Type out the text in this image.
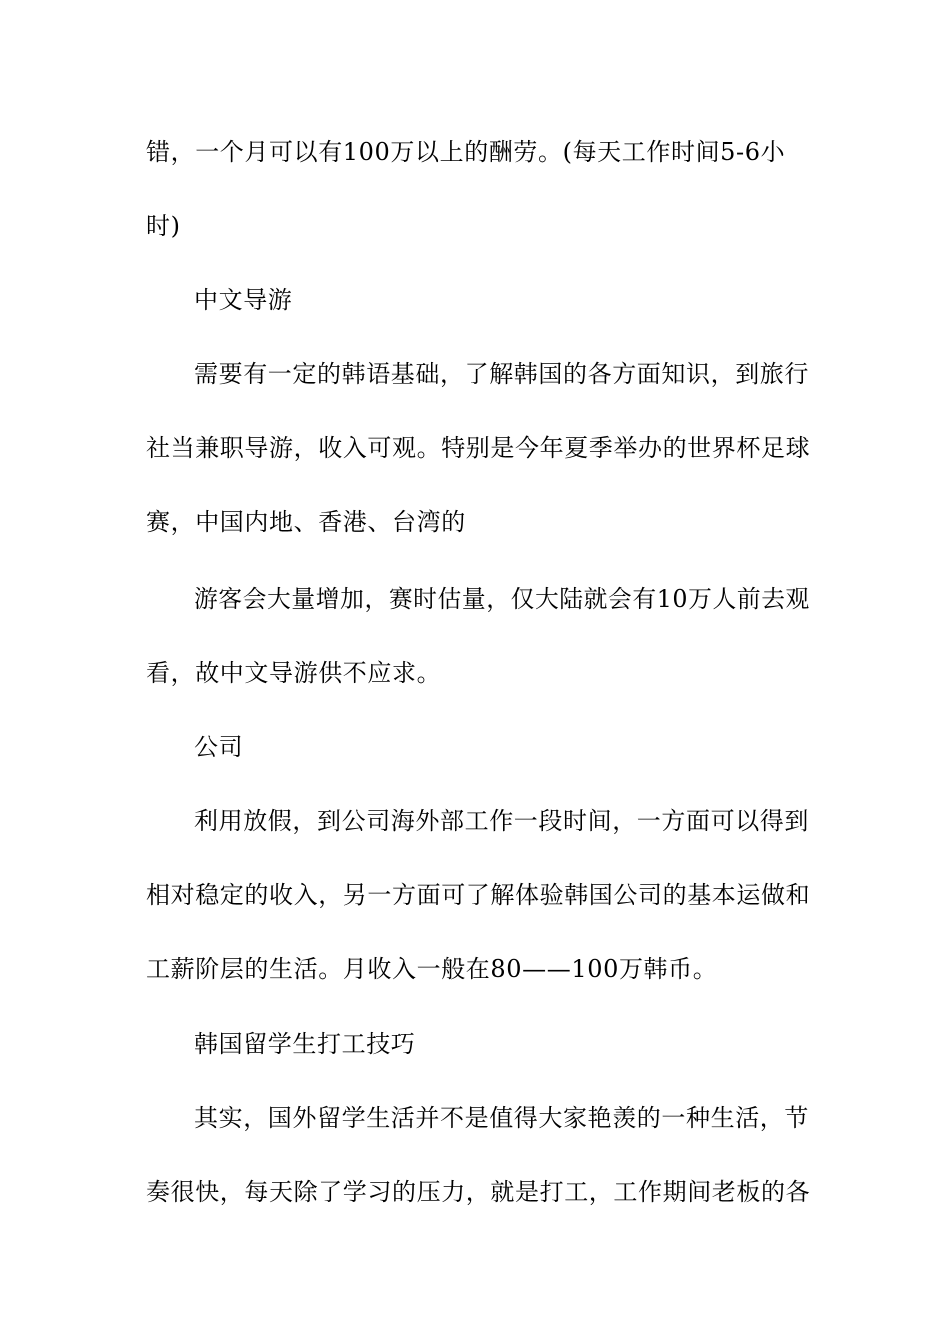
错，一个月可以有100万以上的酬劳。(每天工作时间5-6小
时)
中文导游
需要有一定的韩语基础，了解韩国的各方面知识，到旅行
社当兼职导游，收入可观。特别是今年夏季举办的世界杯足球
赛，中国内地、香港、台湾的
游客会大量增加，赛时估量，仅大陆就会有10万人前去观
看，故中文导游供不应求。
公司
利用放假，到公司海外部工作一段时间，一方面可以得到
相对稳定的收入，另一方面可了解体验韩国公司的基本运做和
工薪阶层的生活。月收入一般在80——100万韩币。
韩国留学生打工技巧
其实，国外留学生活并不是值得大家艳羡的一种生活，节
奏很快，每天除了学习的压力，就是打工，工作期间老板的各
